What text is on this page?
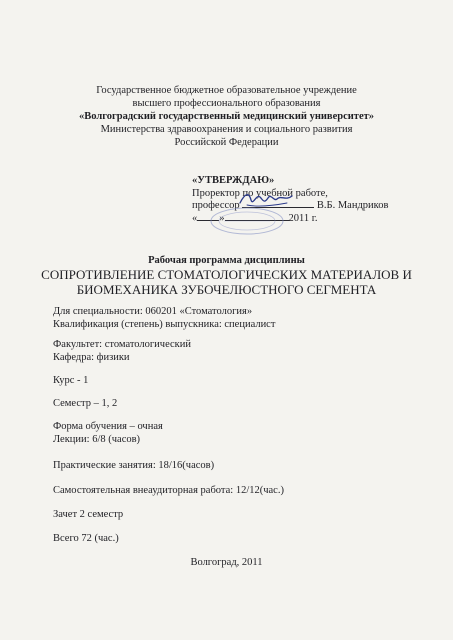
Государственное бюджетное образовательное учреждение
высшего профессионального образования
«Волгоградский государственный медицинский университет»
Министерства здравоохранения и социального развития
Российской Федерации
«УТВЕРЖДАЮ»
Проректор по учебной работе,
профессор	В.Б. Мандриков
« »	2011 г.
Рабочая программа дисциплины
СОПРОТИВЛЕНИЕ СТОМАТОЛОГИЧЕСКИХ МАТЕРИАЛОВ И
БИОМЕХАНИКА ЗУБОЧЕЛЮСТНОГО СЕГМЕНТА
Для специальности: 060201 «Стоматология»
Квалификация (степень) выпускника: специалист
Факультет: стоматологический
Кафедра: физики
Курс - 1
Семестр – 1, 2
Форма обучения – очная
Лекции: 6/8 (часов)
Практические занятия: 18/16(часов)
Самостоятельная внеаудиторная работа: 12/12(час.)
Зачет 2 семестр
Всего 72 (час.)
Волгоград, 2011
